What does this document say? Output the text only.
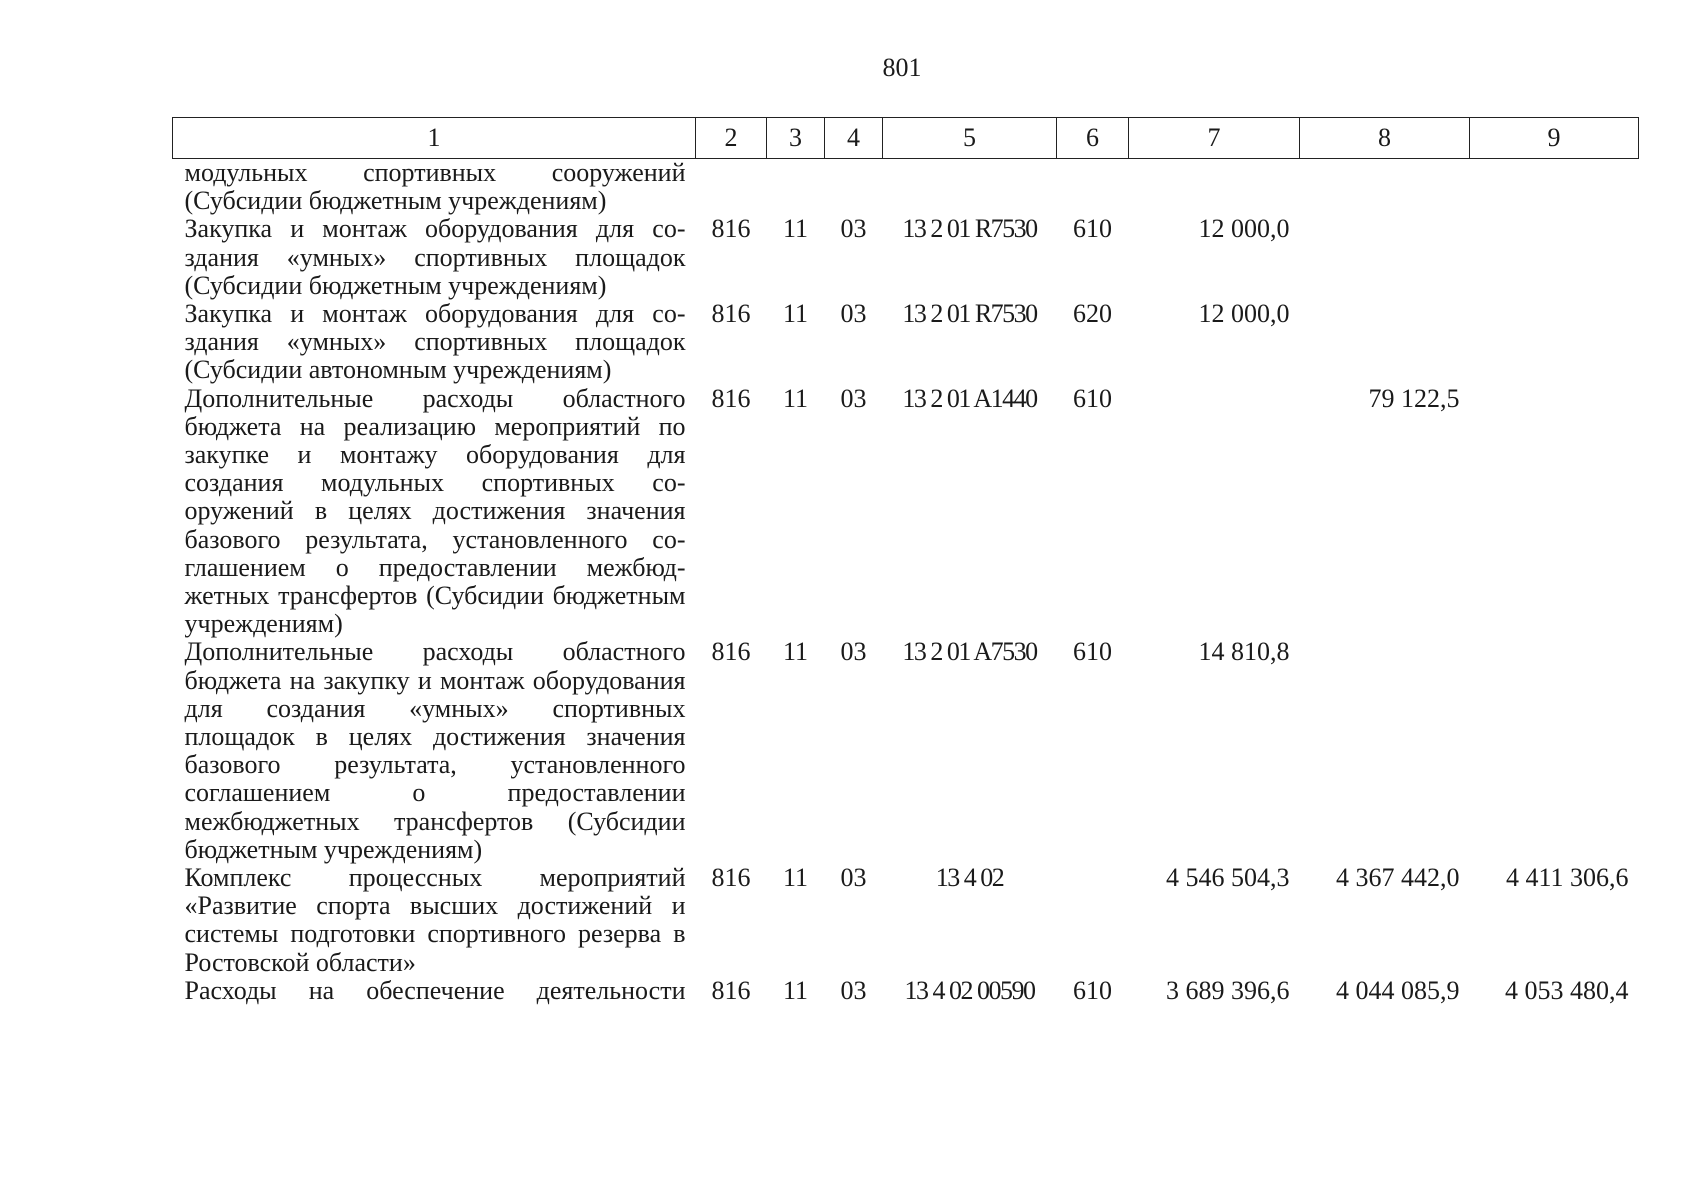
801
1	2	3	4	5	6	7	8	9
модульных спортивных сооружений (Субсидии бюджетным учреждениям)								
Закупка и монтаж оборудования для создания «умных» спортивных площадок (Субсидии бюджетным учреждениям)	816	11	03	13 2 01 R7530	610	12 000,0		
Закупка и монтаж оборудования для создания «умных» спортивных площадок (Субсидии автономным учреждениям)	816	11	03	13 2 01 R7530	620	12 000,0		
Дополнительные расходы областного бюджета на реализацию мероприятий по закупке и монтажу оборудования для создания модульных спортивных сооружений в целях достижения значения базового результата, установленного соглашением о предоставлении межбюджетных трансфертов (Субсидии бюджетным учреждениям)	816	11	03	13 2 01 A1440	610		79 122,5	
Дополнительные расходы областного бюджета на закупку и монтаж оборудования для создания «умных» спортивных площадок в целях достижения значения базового результата, установленного соглашением о предоставлении межбюджетных трансфертов (Субсидии бюджетным учреждениям)	816	11	03	13 2 01 A7530	610	14 810,8		
Комплекс процессных мероприятий «Развитие спорта высших достижений и системы подготовки спортивного резерва в Ростовской области»	816	11	03	13 4 02		4 546 504,3	4 367 442,0	4 411 306,6
Расходы на обеспечение деятельности	816	11	03	13 4 02 00590	610	3 689 396,6	4 044 085,9	4 053 480,4
